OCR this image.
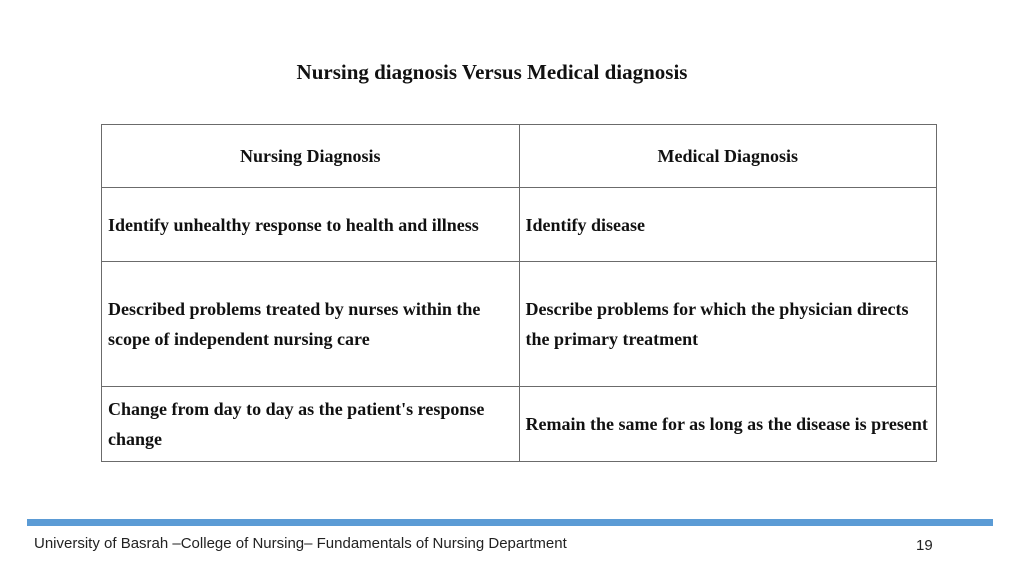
Nursing diagnosis Versus Medical diagnosis
Nursing Diagnosis	Medical Diagnosis
Identify unhealthy response to health and illness	Identify disease
Described problems treated by nurses within the scope of independent nursing care	Describe problems for which the physician directs the primary treatment
Change from day to day as the patient's response change	Remain the same for as long as the disease is present
University of Basrah –College of Nursing– Fundamentals of Nursing Department	19
